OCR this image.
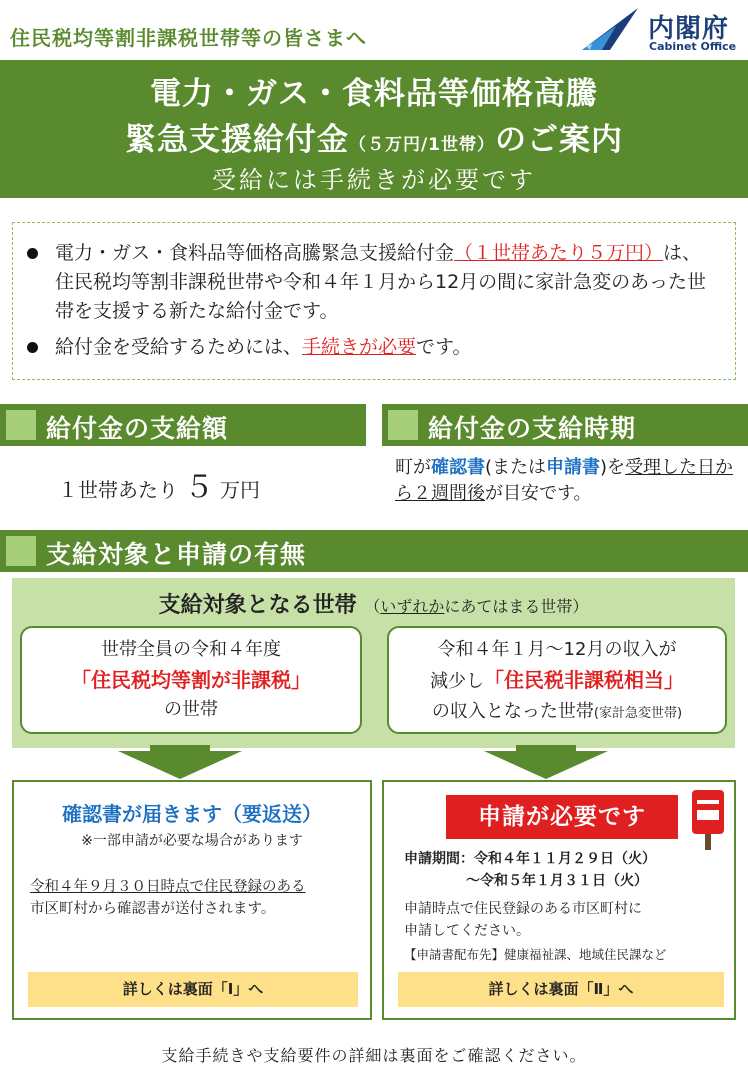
住民税均等割非課税世帯等の皆さまへ	内閣府
Cabinet Office
電力・ガス・食料品等価格高騰
緊急支援給付金（５万円/1世帯）のご案内
受給には手続きが必要です
電力・ガス・食料品等価格高騰緊急支援給付金（１世帯あたり５万円）は、住民税均等割非課税世帯や令和４年１月から12月の間に家計急変のあった世帯を支援する新たな給付金です。
給付金を受給するためには、手続きが必要です。
給付金の支給額
１世帯あたり ５ 万円
給付金の支給時期
町が確認書(または申請書)を受理した日から２週間後が目安です。
支給対象と申請の有無
支給対象となる世帯 （いずれかにあてはまる世帯）
世帯全員の令和４年度
「住民税均等割が非課税」
の世帯
令和４年１月～12月の収入が
減少し「住民税非課税相当」
の収入となった世帯(家計急変世帯)
確認書が届きます（要返送）
※一部申請が必要な場合があります
令和４年９月３０日時点で住民登録のある
市区町村から確認書が送付されます。
詳しくは裏面「Ⅰ」へ
申請が必要です
申請期間：令和４年１１月２９日（火）
～令和５年１月３１日（火）
申請時点で住民登録のある市区町村に
申請してください。
【申請書配布先】健康福祉課、地域住民課など
詳しくは裏面「Ⅱ」へ
支給手続きや支給要件の詳細は裏面をご確認ください。
